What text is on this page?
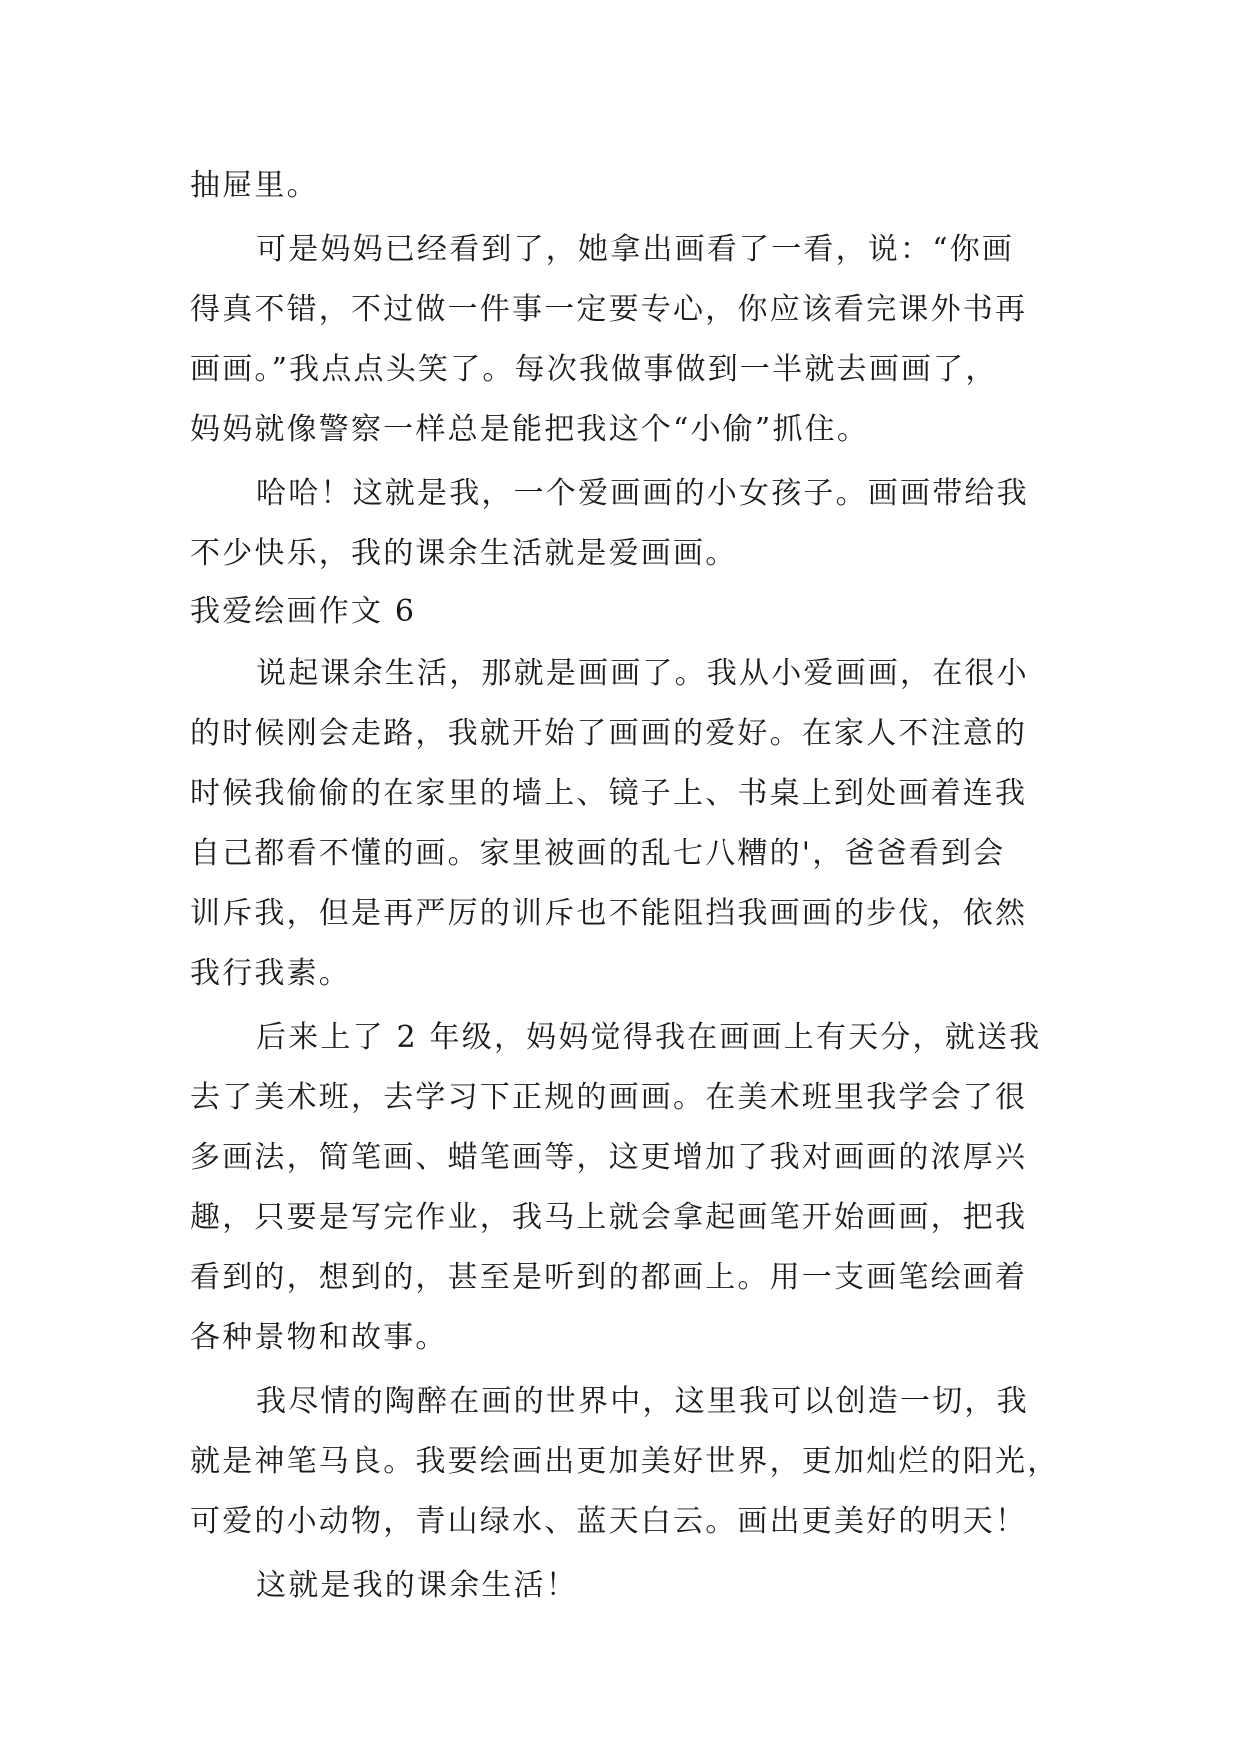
抽屉里。
可是妈妈已经看到了，她拿出画看了一看，说：“你画
得真不错，不过做一件事一定要专心，你应该看完课外书再
画画。”我点点头笑了。每次我做事做到一半就去画画了，
妈妈就像警察一样总是能把我这个“小偷”抓住。
哈哈！这就是我，一个爱画画的小女孩子。画画带给我
不少快乐，我的课余生活就是爱画画。
我爱绘画作文 6
说起课余生活，那就是画画了。我从小爱画画，在很小
的时候刚会走路，我就开始了画画的爱好。在家人不注意的
时候我偷偷的在家里的墙上、镜子上、书桌上到处画着连我
自己都看不懂的画。家里被画的乱七八糟的'，爸爸看到会
训斥我，但是再严厉的训斥也不能阻挡我画画的步伐，依然
我行我素。
后来上了 2 年级，妈妈觉得我在画画上有天分，就送我
去了美术班，去学习下正规的画画。在美术班里我学会了很
多画法，简笔画、蜡笔画等，这更增加了我对画画的浓厚兴
趣，只要是写完作业，我马上就会拿起画笔开始画画，把我
看到的，想到的，甚至是听到的都画上。用一支画笔绘画着
各种景物和故事。
我尽情的陶醉在画的世界中，这里我可以创造一切，我
就是神笔马良。我要绘画出更加美好世界，更加灿烂的阳光，
可爱的小动物，青山绿水、蓝天白云。画出更美好的明天！
这就是我的课余生活！
